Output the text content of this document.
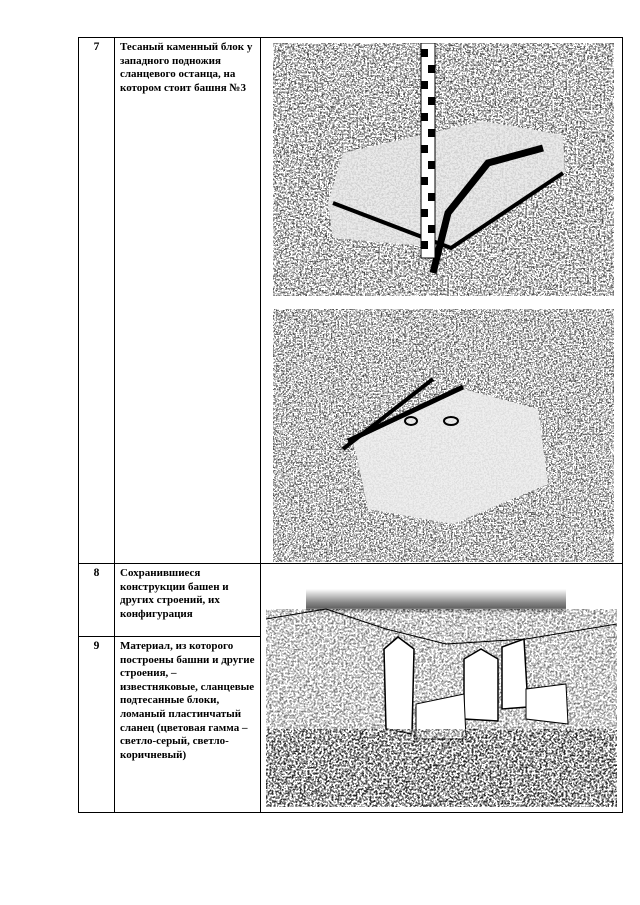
7	Тесаный каменный блок у западного подножия сланцевого останца, на котором стоит башня №3	

8	Сохранившиеся конструкции башен и других строений, их конфигурация	

9	Материал, из которого построены башни и другие строения, – известняковые, сланцевые подтесанные блоки, ломаный пластинчатый сланец (цветовая гамма – светло-серый, светло-коричневый)	
